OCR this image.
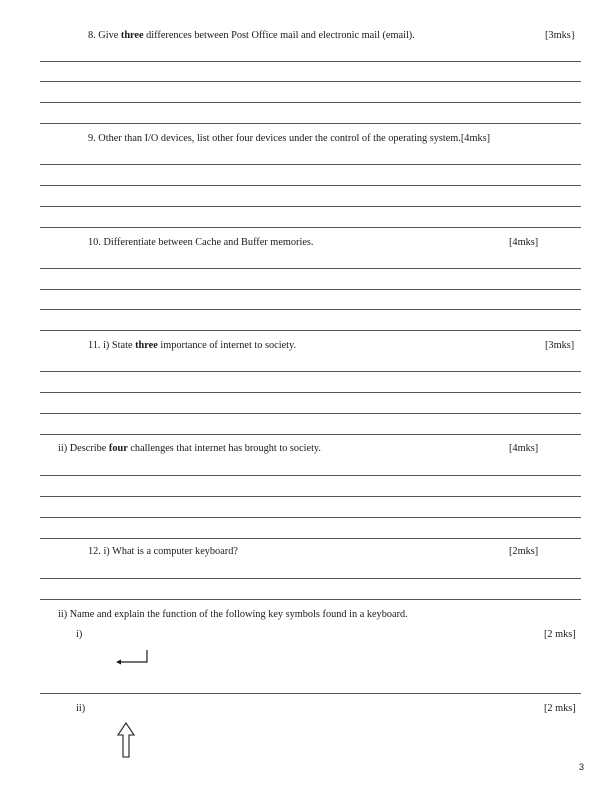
8. Give three differences between Post Office mail and electronic mail (email).	[3mks}
9. Other than I/O devices, list other four devices under the control of the operating system.[4mks]
10. Differentiate between Cache and Buffer memories.	[4mks]
11. i) State three importance of internet to society.	[3mks]
ii) Describe four challenges that internet has brought to society.	[4mks]
12. i) What is a computer keyboard?	[2mks]
ii) Name and explain the function of the following key symbols found in a keyboard.
i)	[2 mks]
ii)	[2 mks]
3
